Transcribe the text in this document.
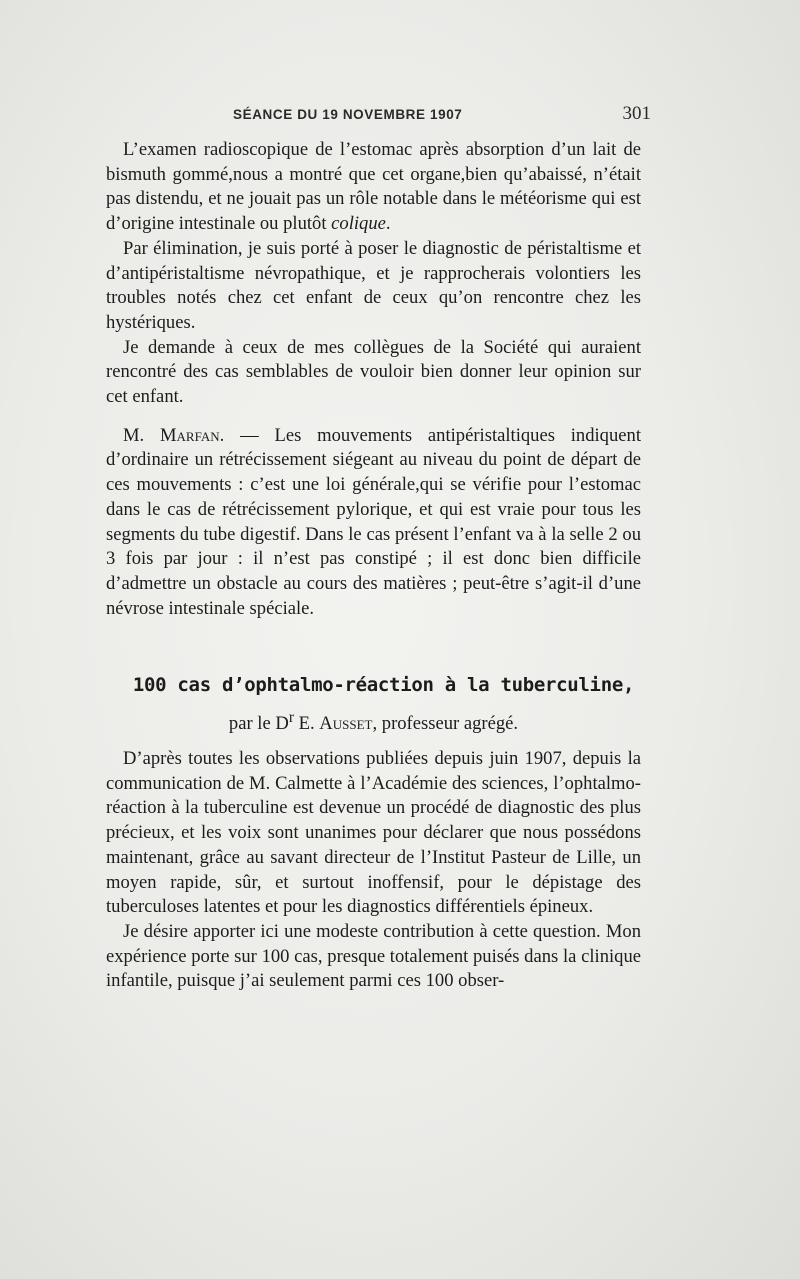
SÉANCE DU 19 NOVEMBRE 1907	301

L’examen radioscopique de l’estomac après absorption d’un lait de bismuth gommé,nous a montré que cet organe,bien qu’abaissé, n’était pas distendu, et ne jouait pas un rôle notable dans le météorisme qui est d’origine intestinale ou plutôt colique.

Par élimination, je suis porté à poser le diagnostic de péristaltisme et d’antipéristaltisme névropathique, et je rapprocherais volontiers les troubles notés chez cet enfant de ceux qu’on rencontre chez les hystériques.

Je demande à ceux de mes collègues de la Société qui auraient rencontré des cas semblables de vouloir bien donner leur opinion sur cet enfant.

M. Marfan. — Les mouvements antipéristaltiques indiquent d’ordinaire un rétrécissement siégeant au niveau du point de départ de ces mouvements : c’est une loi générale,qui se vérifie pour l’estomac dans le cas de rétrécissement pylorique, et qui est vraie pour tous les segments du tube digestif. Dans le cas présent l’enfant va à la selle 2 ou 3 fois par jour : il n’est pas constipé ; il est donc bien difficile d’admettre un obstacle au cours des matières ; peut-être s’agit-il d’une névrose intestinale spéciale.

100 cas d’ophtalmo-réaction à la tuberculine,
par le $D^r$ E. Ausset, professeur agrégé.

D’après toutes les observations publiées depuis juin 1907, depuis la communication de M. Calmette à l’Académie des sciences, l’ophtalmo-réaction à la tuberculine est devenue un procédé de diagnostic des plus précieux, et les voix sont unanimes pour déclarer que nous possédons maintenant, grâce au savant directeur de l’Institut Pasteur de Lille, un moyen rapide, sûr, et surtout inoffensif, pour le dépistage des tuberculoses latentes et pour les diagnostics différentiels épineux.

Je désire apporter ici une modeste contribution à cette question. Mon expérience porte sur 100 cas, presque totalement puisés dans la clinique infantile, puisque j’ai seulement parmi ces 100 obser-
